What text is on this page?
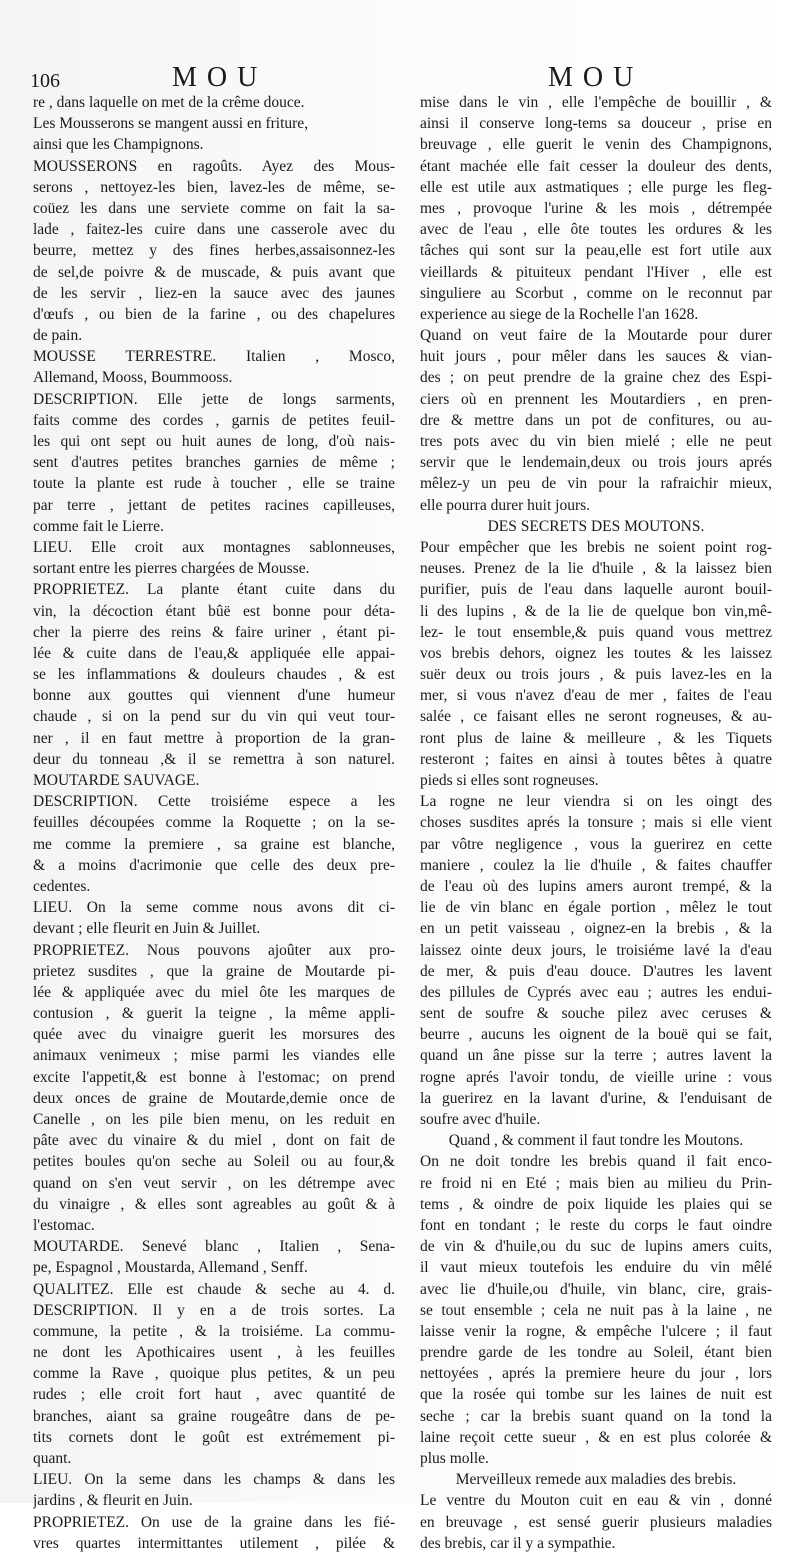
106	MOU	MOU
re , dans laquelle on met de la crême douce.
Les Mousserons se mangent aussi en friture,
ainsi que les Champignons.
MOUSSERONS en ragoûts. Ayez des Mous-
serons , nettoyez-les bien, lavez-les de même, se-
coüez les dans une serviete comme on fait la sa-
lade , faitez-les cuire dans une casserole avec du
beurre, mettez y des fines herbes,assaisonnez-les
de sel,de poivre & de muscade, & puis avant que
de les servir , liez-en la sauce avec des jaunes
d'œufs , ou bien de la farine , ou des chapelures
de pain.
MOUSSE TERRESTRE. Italien , Mosco,
Allemand, Mooss, Boummooss.
DESCRIPTION. Elle jette de longs sarments,
faits comme des cordes , garnis de petites feuil-
les qui ont sept ou huit aunes de long, d'où nais-
sent d'autres petites branches garnies de même ;
toute la plante est rude à toucher , elle se traine
par terre , jettant de petites racines capilleuses,
comme fait le Lierre.
LIEU. Elle croit aux montagnes sablonneuses,
sortant entre les pierres chargées de Mousse.
PROPRIETEZ. La plante étant cuite dans du
vin, la décoction étant bûë est bonne pour déta-
cher la pierre des reins & faire uriner , étant pi-
lée & cuite dans de l'eau,& appliquée elle appai-
se les inflammations & douleurs chaudes , & est
bonne aux gouttes qui viennent d'une humeur
chaude , si on la pend sur du vin qui veut tour-
ner , il en faut mettre à proportion de la gran-
deur du tonneau ,& il se remettra à son naturel.
MOUTARDE SAUVAGE.
DESCRIPTION. Cette troisiéme espece a les
feuilles découpées comme la Roquette ; on la se-
me comme la premiere , sa graine est blanche,
& a moins d'acrimonie que celle des deux pre-
cedentes.
LIEU. On la seme comme nous avons dit ci-
devant ; elle fleurit en Juin & Juillet.
PROPRIETEZ. Nous pouvons ajoûter aux pro-
prietez susdites , que la graine de Moutarde pi-
lée & appliquée avec du miel ôte les marques de
contusion , & guerit la teigne , la même appli-
quée avec du vinaigre guerit les morsures des
animaux venimeux ; mise parmi les viandes elle
excite l'appetit,& est bonne à l'estomac; on prend
deux onces de graine de Moutarde,demie once de
Canelle , on les pile bien menu, on les reduit en
pâte avec du vinaire & du miel , dont on fait de
petites boules qu'on seche au Soleil ou au four,&
quand on s'en veut servir , on les détrempe avec
du vinaigre , & elles sont agreables au goût & à
l'estomac.
MOUTARDE. Senevé blanc , Italien , Sena-
pe, Espagnol , Moustarda, Allemand , Senff.
QUALITEZ. Elle est chaude & seche au 4. d.
DESCRIPTION. Il y en a de trois sortes. La
commune, la petite , & la troisiéme. La commu-
ne dont les Apothicaires usent , à les feuilles
comme la Rave , quoique plus petites, & un peu
rudes ; elle croit fort haut , avec quantité de
branches, aiant sa graine rougeâtre dans de pe-
tits cornets dont le goût est extrémement pi-
quant.
LIEU. On la seme dans les champs & dans les
jardins , & fleurit en Juin.
PROPRIETEZ. On use de la graine dans les fié-
vres quartes intermittantes utilement , pilée &
mise dans le vin , elle l'empêche de bouillir , &
ainsi il conserve long-tems sa douceur , prise en
breuvage , elle guerit le venin des Champignons,
étant machée elle fait cesser la douleur des dents,
elle est utile aux astmatiques ; elle purge les fleg-
mes , provoque l'urine & les mois , détrempée
avec de l'eau , elle ôte toutes les ordures & les
tâches qui sont sur la peau,elle est fort utile aux
vieillards & pituiteux pendant l'Hiver , elle est
singuliere au Scorbut , comme on le reconnut par
experience au siege de la Rochelle l'an 1628.
Quand on veut faire de la Moutarde pour durer
huit jours , pour mêler dans les sauces & vian-
des ; on peut prendre de la graine chez des Espi-
ciers où en prennent les Moutardiers , en pren-
dre & mettre dans un pot de confitures, ou au-
tres pots avec du vin bien mielé ; elle ne peut
servir que le lendemain,deux ou trois jours aprés
mêlez-y un peu de vin pour la rafraichir mieux,
elle pourra durer huit jours.
DES SECRETS DES MOUTONS.
Pour empêcher que les brebis ne soient point rog-
neuses. Prenez de la lie d'huile , & la laissez bien
purifier, puis de l'eau dans laquelle auront bouil-
li des lupins , & de la lie de quelque bon vin,mê-
lez- le tout ensemble,& puis quand vous mettrez
vos brebis dehors, oignez les toutes & les laissez
suër deux ou trois jours , & puis lavez-les en la
mer, si vous n'avez d'eau de mer , faites de l'eau
salée , ce faisant elles ne seront rogneuses, & au-
ront plus de laine & meilleure , & les Tiquets
resteront ; faites en ainsi à toutes bêtes à quatre
pieds si elles sont rogneuses.
La rogne ne leur viendra si on les oingt des
choses susdites aprés la tonsure ; mais si elle vient
par vôtre negligence , vous la guerirez en cette
maniere , coulez la lie d'huile , & faites chauffer
de l'eau où des lupins amers auront trempé, & la
lie de vin blanc en égale portion , mêlez le tout
en un petit vaisseau , oignez-en la brebis , & la
laissez ointe deux jours, le troisiéme lavé la d'eau
de mer, & puis d'eau douce. D'autres les lavent
des pillules de Cyprés avec eau ; autres les endui-
sent de soufre & souche pilez avec ceruses &
beurre , aucuns les oignent de la bouë qui se fait,
quand un âne pisse sur la terre ; autres lavent la
rogne aprés l'avoir tondu, de vieille urine : vous
la guerirez en la lavant d'urine, & l'enduisant de
soufre avec d'huile.
Quand , & comment il faut tondre les Moutons.
On ne doit tondre les brebis quand il fait enco-
re froid ni en Eté ; mais bien au milieu du Prin-
tems , & oindre de poix liquide les plaies qui se
font en tondant ; le reste du corps le faut oindre
de vin & d'huile,ou du suc de lupins amers cuits,
il vaut mieux toutefois les enduire du vin mêlé
avec lie d'huile,ou d'huile, vin blanc, cire, grais-
se tout ensemble ; cela ne nuit pas à la laine , ne
laisse venir la rogne, & empêche l'ulcere ; il faut
prendre garde de les tondre au Soleil, étant bien
nettoyées , aprés la premiere heure du jour , lors
que la rosée qui tombe sur les laines de nuit est
seche ; car la brebis suant quand on la tond la
laine reçoit cette sueur , & en est plus colorée &
plus molle.
Merveilleux remede aux maladies des brebis.
Le ventre du Mouton cuit en eau & vin , donné
en breuvage , est sensé guerir plusieurs maladies
des brebis, car il y a sympathie.
